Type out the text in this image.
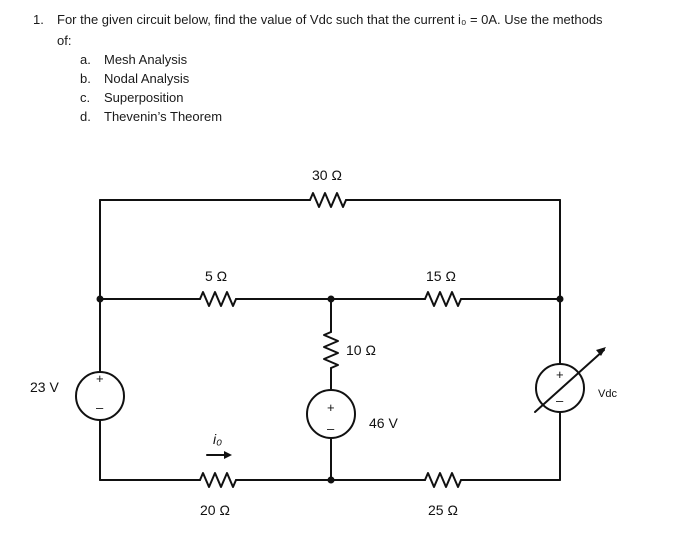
1. For the given circuit below, find the value of Vdc such that the current i₀ = 0A. Use the methods
of:
a. Mesh Analysis
b. Nodal Analysis
c. Superposition
d. Thevenin’s Theorem
+
–	+
–
+
–
30 Ω
5 Ω	15 Ω
10 Ω
46 V
23 V	Vdc
20 Ω	25 Ω
i₀
